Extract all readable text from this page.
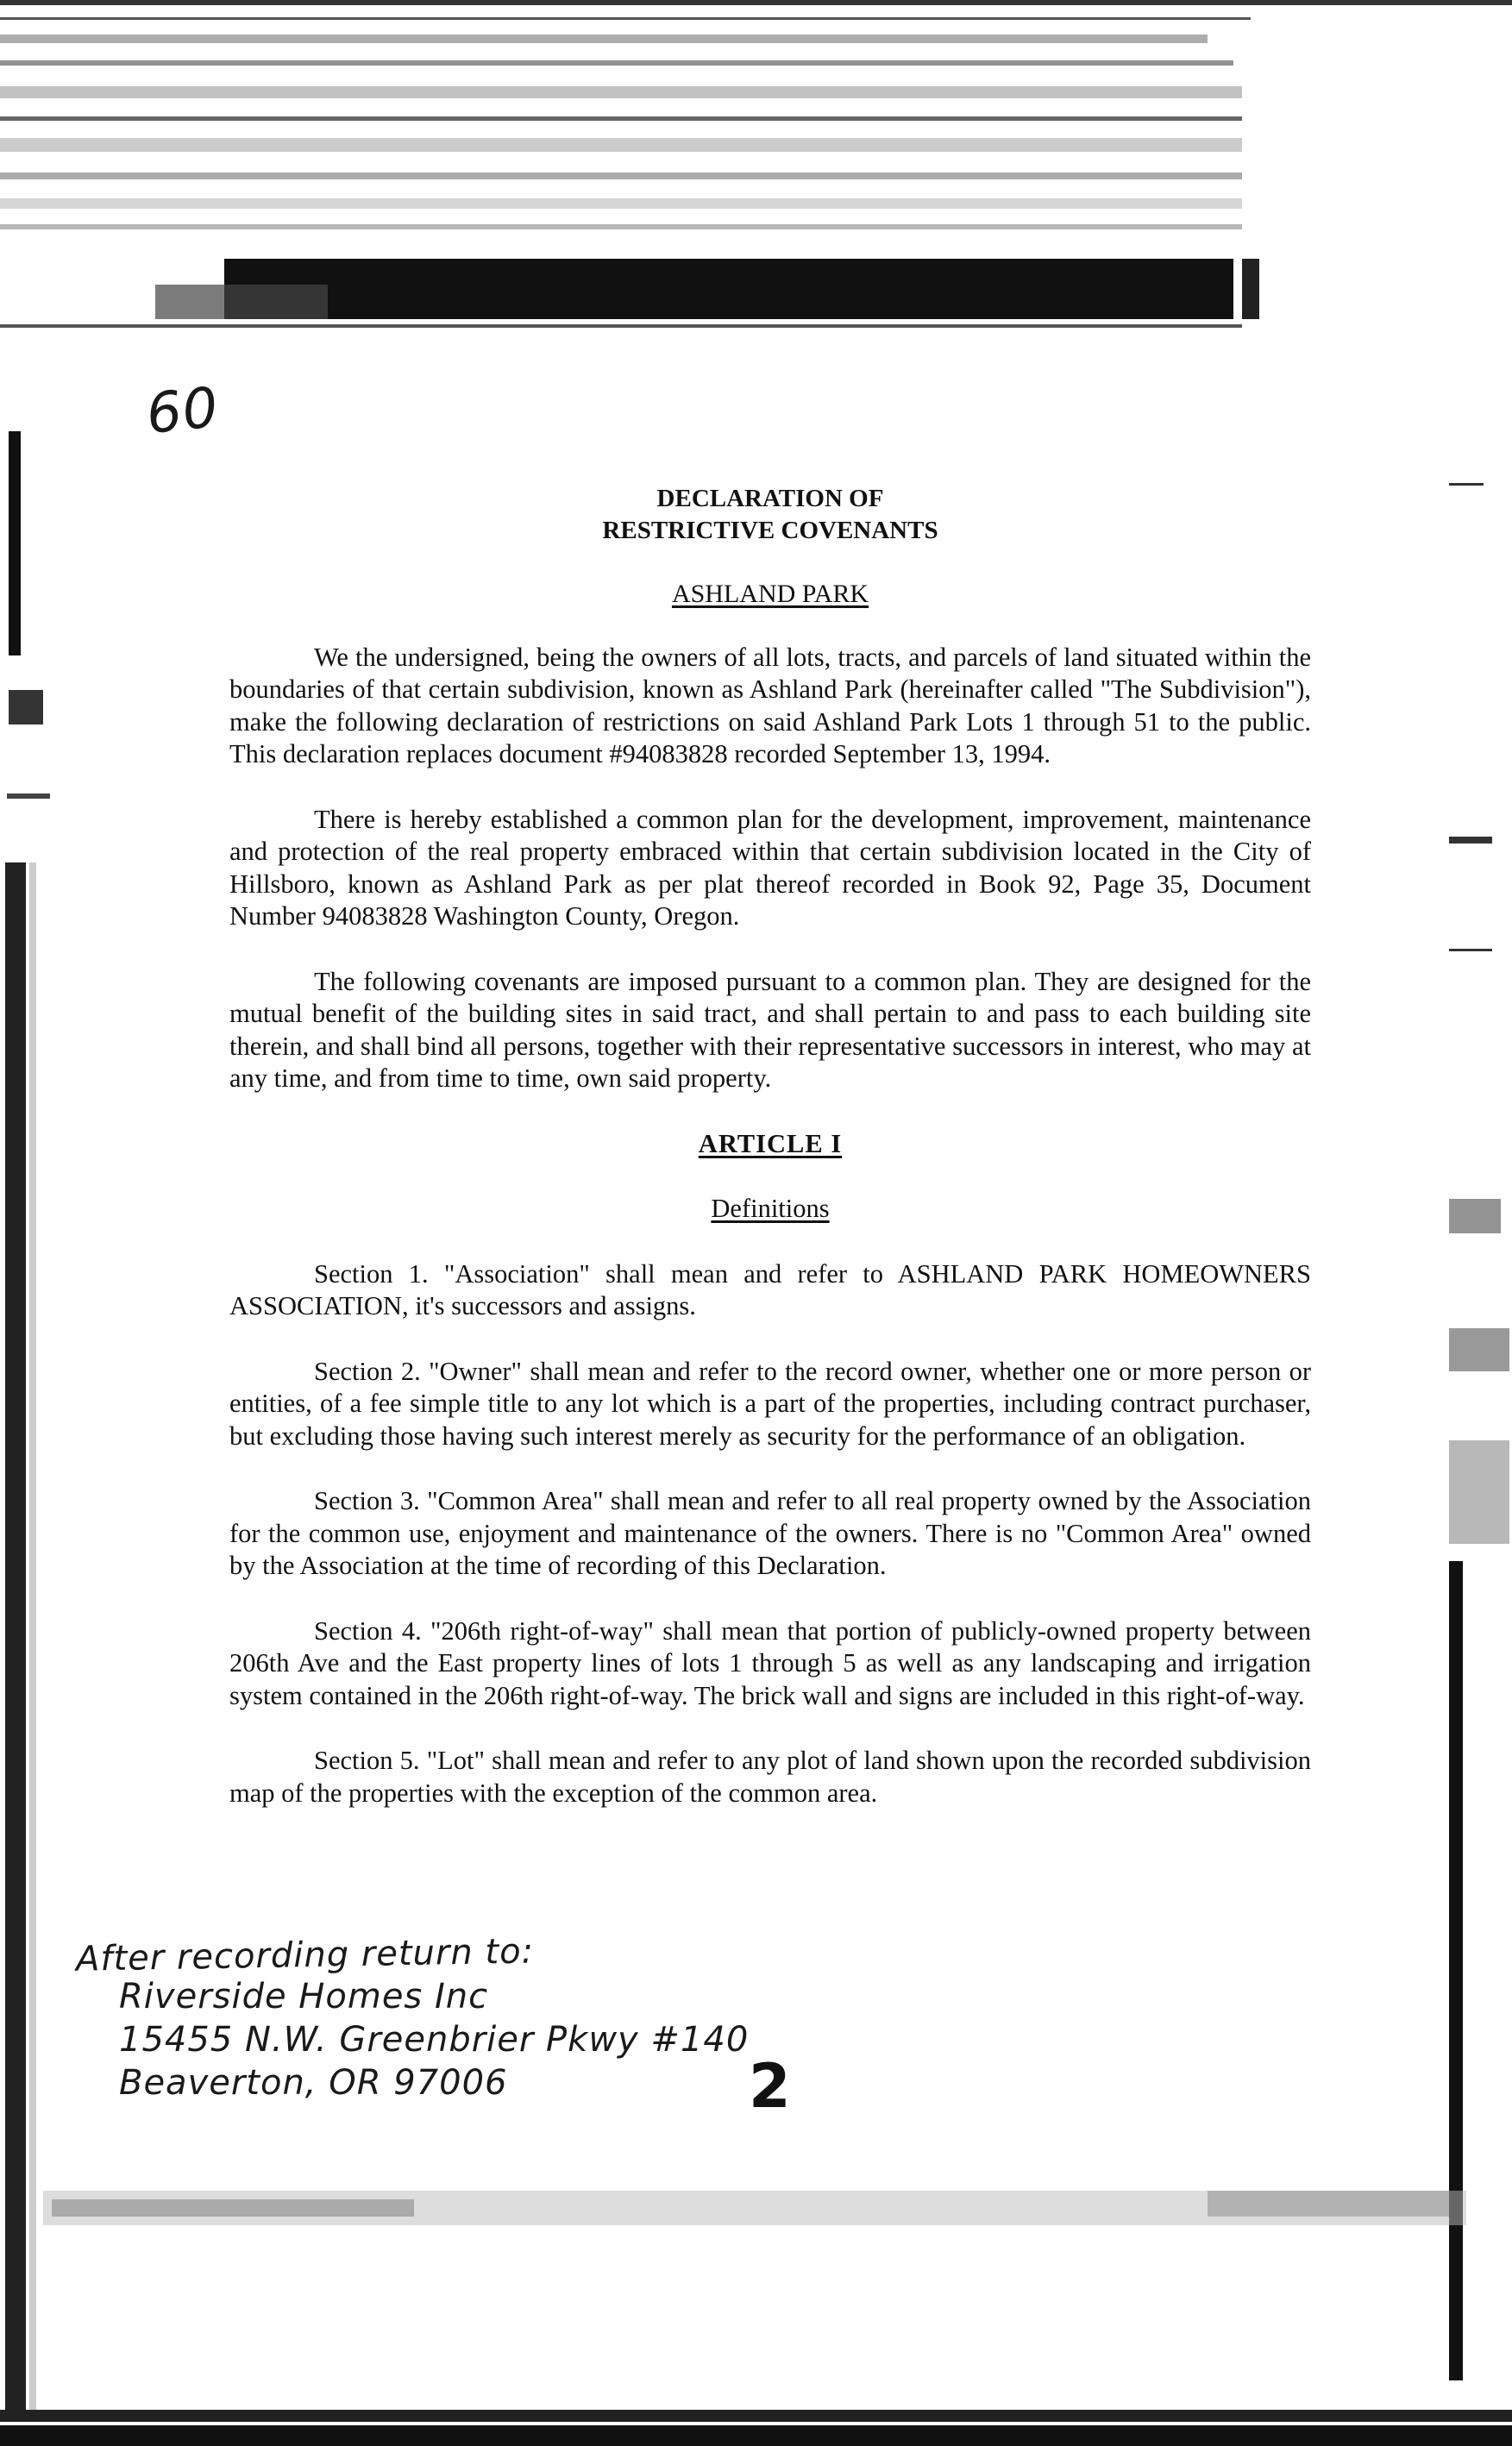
60

DECLARATION OF

RESTRICTIVE COVENANTS

ASHLAND PARK

We the undersigned, being the owners of all lots, tracts, and parcels of land situated within the boundaries of that certain subdivision, known as Ashland Park (hereinafter called "The Subdivision"), make the following declaration of restrictions on said Ashland Park Lots 1 through 51 to the public. This declaration replaces document #94083828 recorded September 13, 1994.

There is hereby established a common plan for the development, improvement, maintenance and protection of the real property embraced within that certain subdivision located in the City of Hillsboro, known as Ashland Park as per plat thereof recorded in Book 92, Page 35, Document Number 94083828 Washington County, Oregon.

The following covenants are imposed pursuant to a common plan. They are designed for the mutual benefit of the building sites in said tract, and shall pertain to and pass to each building site therein, and shall bind all persons, together with their representative successors in interest, who may at any time, and from time to time, own said property.

ARTICLE I

Definitions

Section 1. "Association" shall mean and refer to ASHLAND PARK HOMEOWNERS ASSOCIATION, it's successors and assigns.

Section 2. "Owner" shall mean and refer to the record owner, whether one or more person or entities, of a fee simple title to any lot which is a part of the properties, including contract purchaser, but excluding those having such interest merely as security for the performance of an obligation.

Section 3. "Common Area" shall mean and refer to all real property owned by the Association for the common use, enjoyment and maintenance of the owners. There is no "Common Area" owned by the Association at the time of recording of this Declaration.

Section 4. "206th right-of-way" shall mean that portion of publicly-owned property between 206th Ave and the East property lines of lots 1 through 5 as well as any landscaping and irrigation system contained in the 206th right-of-way. The brick wall and signs are included in this right-of-way.

Section 5. "Lot" shall mean and refer to any plot of land shown upon the recorded subdivision map of the properties with the exception of the common area.

After recording return to:
Riverside Homes Inc
15455 N.W. Greenbrier Pkwy #140
Beaverton, OR 97006	2
